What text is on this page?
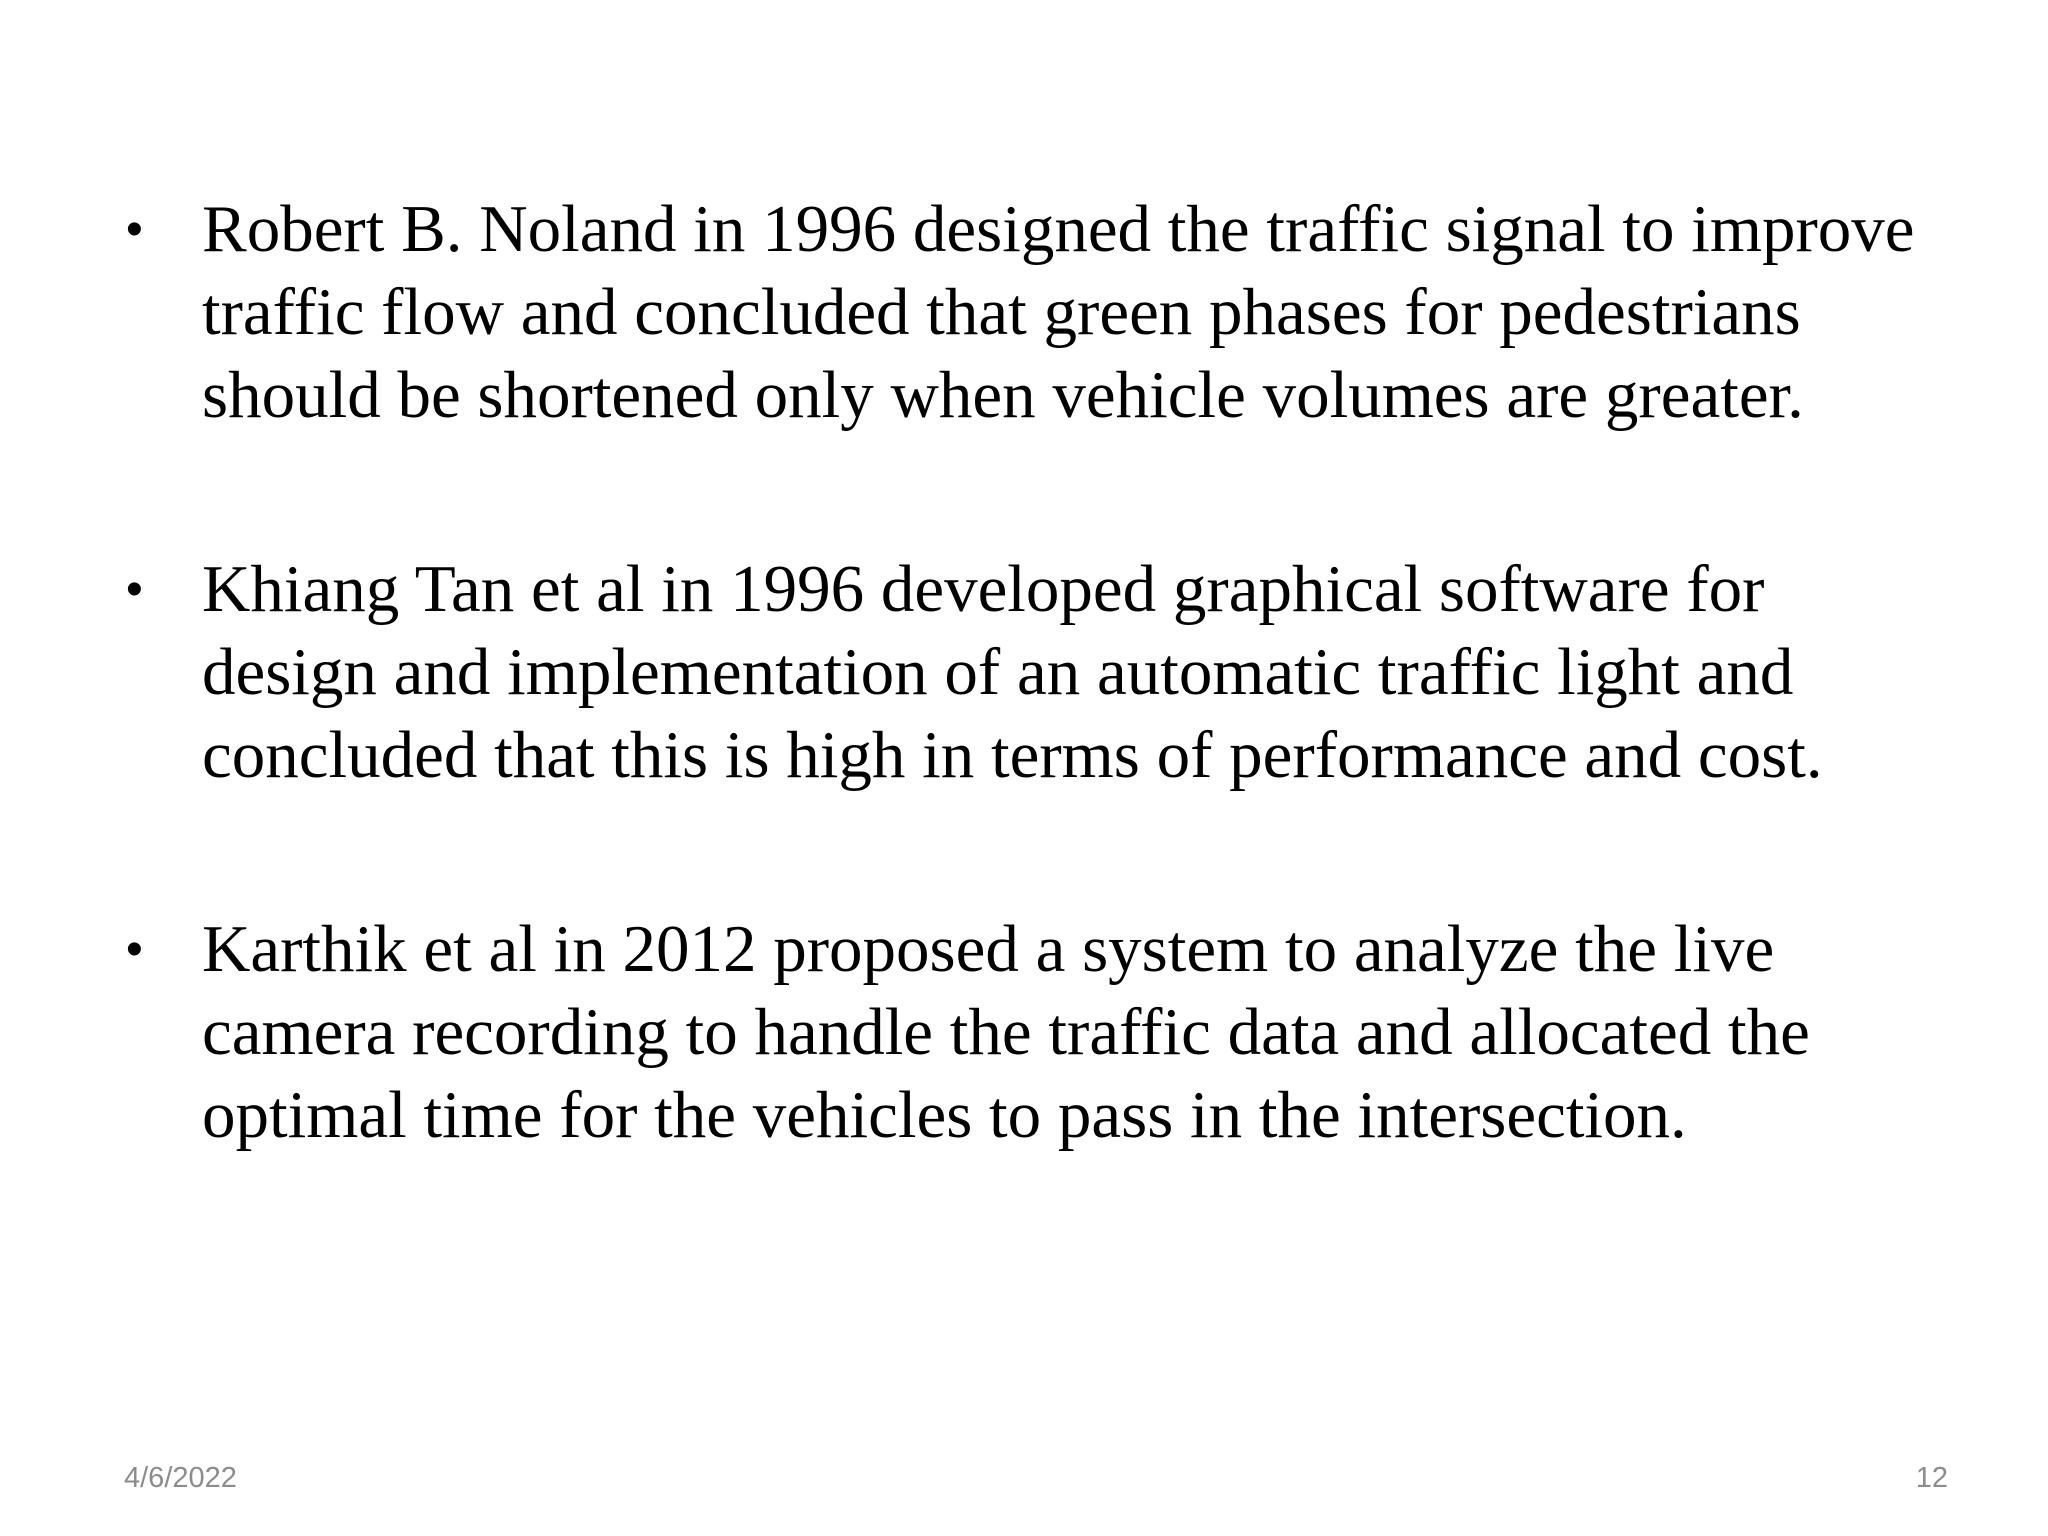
• Robert B. Noland in 1996 designed the traffic signal to improve traffic flow and concluded that green phases for pedestrians should be shortened only when vehicle volumes are greater.

• Khiang Tan et al in 1996 developed graphical software for design and implementation of an automatic traffic light and concluded that this is high in terms of performance and cost.

• Karthik et al in 2012 proposed a system to analyze the live camera recording to handle the traffic data and allocated the optimal time for the vehicles to pass in the intersection.

4/6/2022	12
